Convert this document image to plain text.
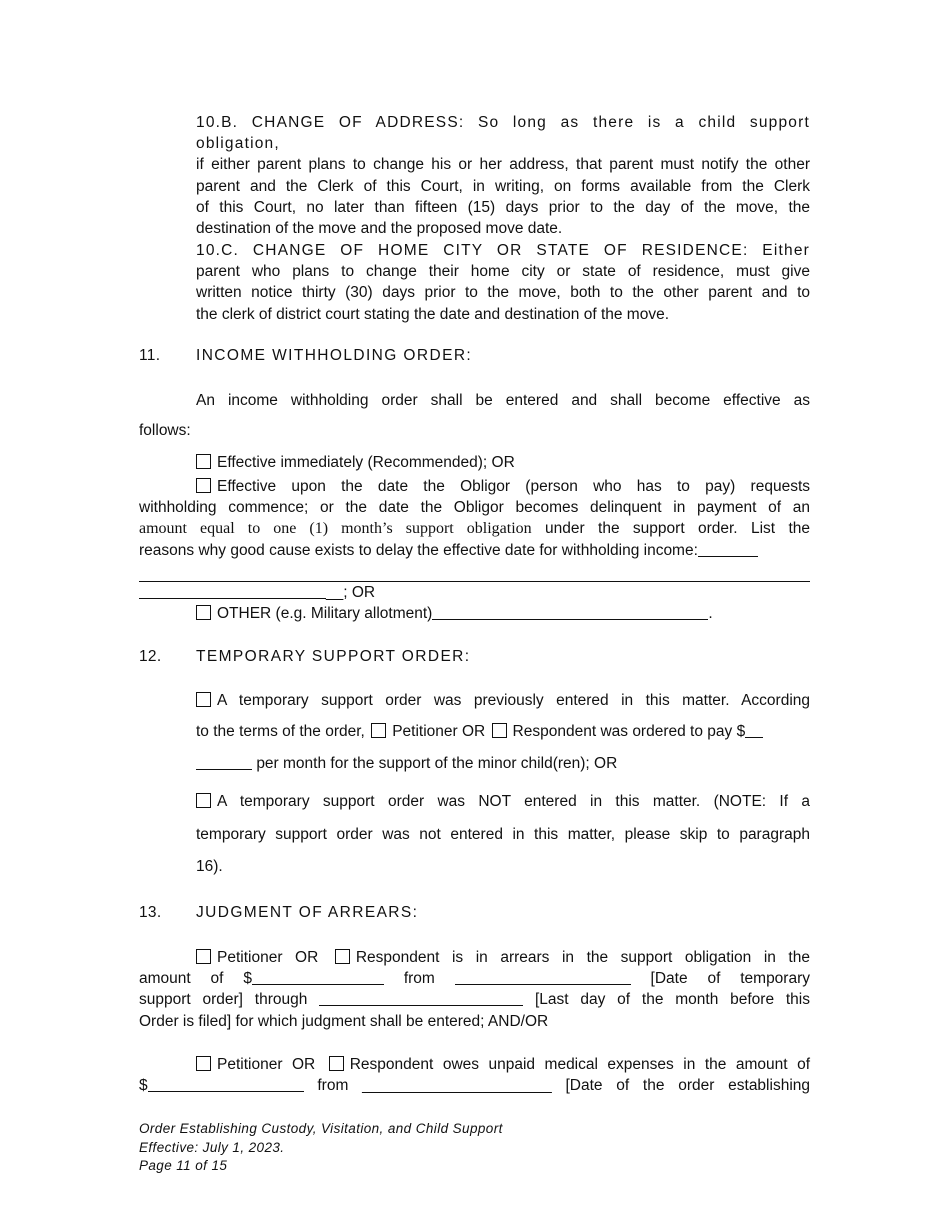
10.B. CHANGE OF ADDRESS: So long as there is a child support obligation,
if either parent plans to change his or her address, that parent must notify the other
parent and the Clerk of this Court, in writing, on forms available from the Clerk
of this Court, no later than fifteen (15) days prior to the day of the move, the
destination of the move and the proposed move date.
10.C. CHANGE OF HOME CITY OR STATE OF RESIDENCE: Either
parent who plans to change their home city or state of residence, must give
written notice thirty (30) days prior to the move, both to the other parent and to
the clerk of district court stating the date and destination of the move.
11. INCOME WITHHOLDING ORDER:
An income withholding order shall be entered and shall become effective as
follows:
Effective immediately (Recommended); OR
Effective upon the date the Obligor (person who has to pay) requests
withholding commence; or the date the Obligor becomes delinquent in payment of an
amount equal to one (1) month’s support obligation under the support order. List the
reasons why good cause exists to delay the effective date for withholding income:
__; OR
OTHER (e.g. Military allotment)	.
12. TEMPORARY SUPPORT ORDER:
A temporary support order was previously entered in this matter. According
to the terms of the order, Petitioner OR Respondent was ordered to pay $
per month for the support of the minor child(ren); OR
A temporary support order was NOT entered in this matter. (NOTE: If a
temporary support order was not entered in this matter, please skip to paragraph
16).
13. JUDGMENT OF ARREARS:
Petitioner OR Respondent is in arrears in the support obligation in the
amount of $	from	[Date of temporary
support order] through	[Last day of the month before this
Order is filed] for which judgment shall be entered; AND/OR
Petitioner OR Respondent owes unpaid medical expenses in the amount of
$	from ______________________ [Date of the order establishing
Order Establishing Custody, Visitation, and Child Support
Effective: July 1, 2023.
Page 11 of 15
